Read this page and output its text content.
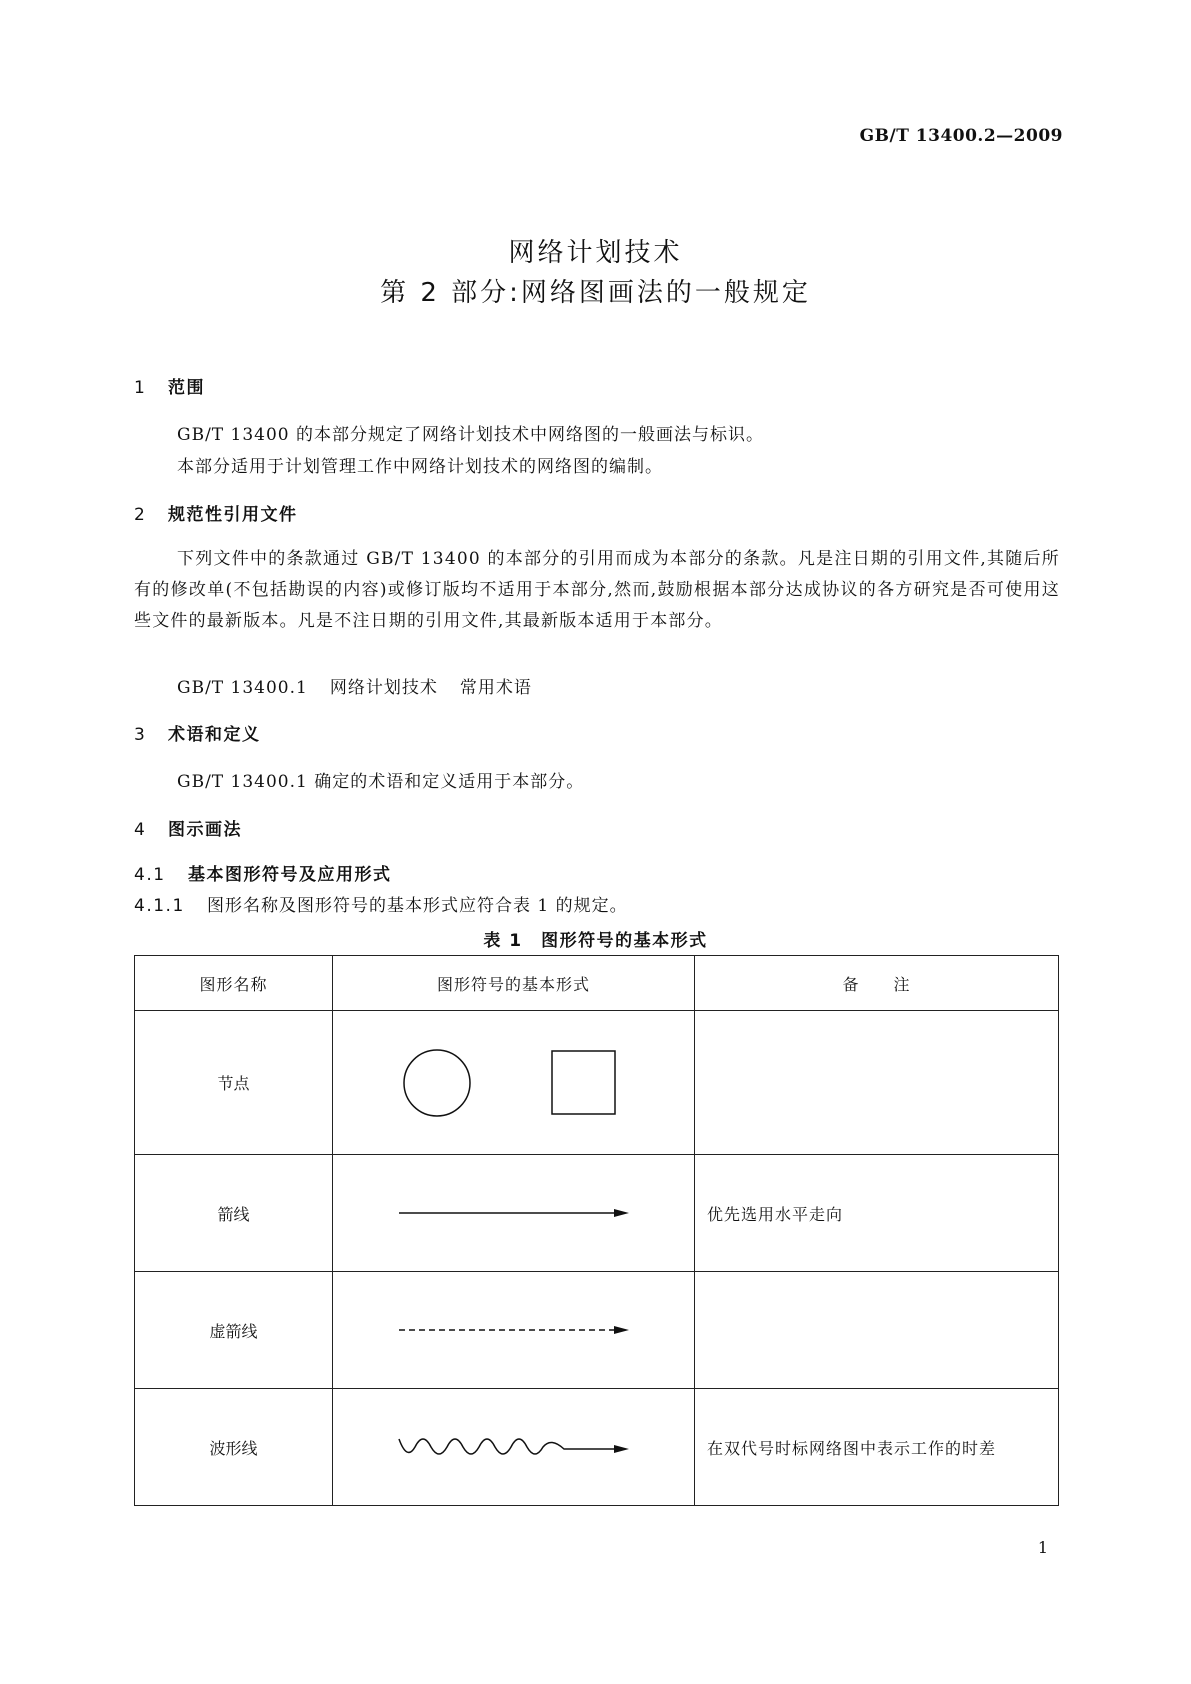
GB/T 13400.2—2009
网络计划技术
第 2 部分:网络图画法的一般规定
1 范围
GB/T 13400 的本部分规定了网络计划技术中网络图的一般画法与标识。
本部分适用于计划管理工作中网络计划技术的网络图的编制。
2 规范性引用文件
下列文件中的条款通过 GB/T 13400 的本部分的引用而成为本部分的条款。凡是注日期的引用文件,其随后所有的修改单(不包括勘误的内容)或修订版均不适用于本部分,然而,鼓励根据本部分达成协议的各方研究是否可使用这些文件的最新版本。凡是不注日期的引用文件,其最新版本适用于本部分。
GB/T 13400.1 网络计划技术 常用术语
3 术语和定义
GB/T 13400.1 确定的术语和定义适用于本部分。
4 图示画法
4.1 基本图形符号及应用形式
4.1.1 图形名称及图形符号的基本形式应符合表 1 的规定。
表 1　图形符号的基本形式
图形名称	图形符号的基本形式	备　　注
节点	

箭线		优先选用水平走向
虚箭线	

波形线		在双代号时标网络图中表示工作的时差
1
